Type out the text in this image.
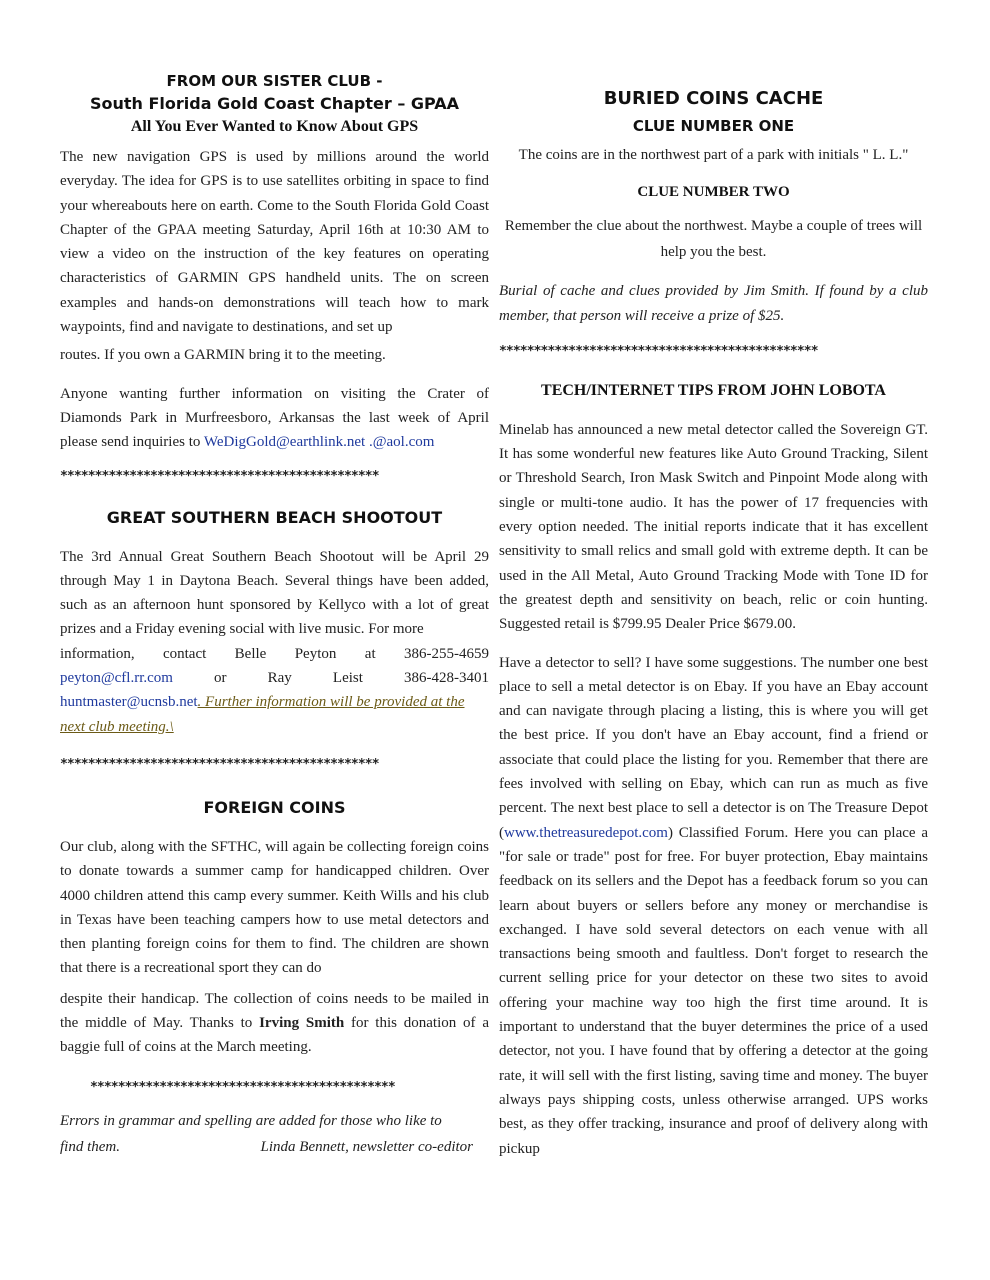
FROM OUR SISTER CLUB -
South Florida Gold Coast Chapter – GPAA
All You Ever Wanted to Know About GPS

The new navigation GPS is used by millions around the world everyday. The idea for GPS is to use satellites orbiting in space to find your whereabouts here on earth. Come to the South Florida Gold Coast Chapter of the GPAA meeting Saturday, April 16th at 10:30 AM to view a video on the instruction of the key features on operating characteristics of GARMIN GPS handheld units. The on screen examples and hands-on demonstrations will teach how to mark waypoints, find and navigate to destinations, and set up

routes. If you own a GARMIN bring it to the meeting.

Anyone wanting further information on visiting the Crater of Diamonds Park in Murfreesboro, Arkansas the last week of April please send inquiries to WeDigGold@earthlink.net .@aol.com

**********************************************
GREAT SOUTHERN BEACH SHOOTOUT

The 3rd Annual Great Southern Beach Shootout will be April 29 through May 1 in Daytona Beach. Several things have been added, such as an afternoon hunt sponsored by Kellyco with a lot of great prizes and a Friday evening social with live music. For more

information, contact Belle Peyton at 386-255-4659
peyton@cfl.rr.com	or	Ray	Leist	386-428-3401

huntmaster@ucnsb.net. Further information will be provided at the next club meeting.\

**********************************************
FOREIGN COINS

Our club, along with the SFTHC, will again be collecting foreign coins to donate towards a summer camp for handicapped children. Over 4000 children attend this camp every summer. Keith Wills and his club in Texas have been teaching campers how to use metal detectors and then planting foreign coins for them to find. The children are shown that there is a recreational sport they can do

despite their handicap. The collection of coins needs to be mailed in the middle of May. Thanks to Irving Smith for this donation of a baggie full of coins at the March meeting.

********************************************

Errors in grammar and spelling are added for those who like to

find them.	Linda Bennett, newsletter co-editor
BURIED COINS CACHE
CLUE NUMBER ONE

The coins are in the northwest part of a park with initials " L. L."

CLUE NUMBER TWO

Remember the clue about the northwest. Maybe a couple of trees will help you the best.

Burial of cache and clues provided by Jim Smith. If found by a club member, that person will receive a prize of $25.

**********************************************
TECH/INTERNET TIPS FROM JOHN LOBOTA

Minelab has announced a new metal detector called the Sovereign GT. It has some wonderful new features like Auto Ground Tracking, Silent or Threshold Search, Iron Mask Switch and Pinpoint Mode along with single or multi-tone audio. It has the power of 17 frequencies with every option needed. The initial reports indicate that it has excellent sensitivity to small relics and small gold with extreme depth. It can be used in the All Metal, Auto Ground Tracking Mode with Tone ID for the greatest depth and sensitivity on beach, relic or coin hunting. Suggested retail is $799.95 Dealer Price $679.00.

Have a detector to sell? I have some suggestions. The number one best place to sell a metal detector is on Ebay. If you have an Ebay account and can navigate through placing a listing, this is where you will get the best price. If you don't have an Ebay account, find a friend or associate that could place the listing for you. Remember that there are fees involved with selling on Ebay, which can run as much as five percent. The next best place to sell a detector is on The Treasure Depot (www.thetreasuredepot.com) Classified Forum. Here you can place a "for sale or trade" post for free. For buyer protection, Ebay maintains feedback on its sellers and the Depot has a feedback forum so you can learn about buyers or sellers before any money or merchandise is exchanged. I have sold several detectors on each venue with all transactions being smooth and faultless. Don't forget to research the current selling price for your detector on these two sites to avoid offering your machine way too high the first time around. It is important to understand that the buyer determines the price of a used detector, not you. I have found that by offering a detector at the going rate, it will sell with the first listing, saving time and money. The buyer always pays shipping costs, unless otherwise arranged. UPS works best, as they offer tracking, insurance and proof of delivery along with pickup
